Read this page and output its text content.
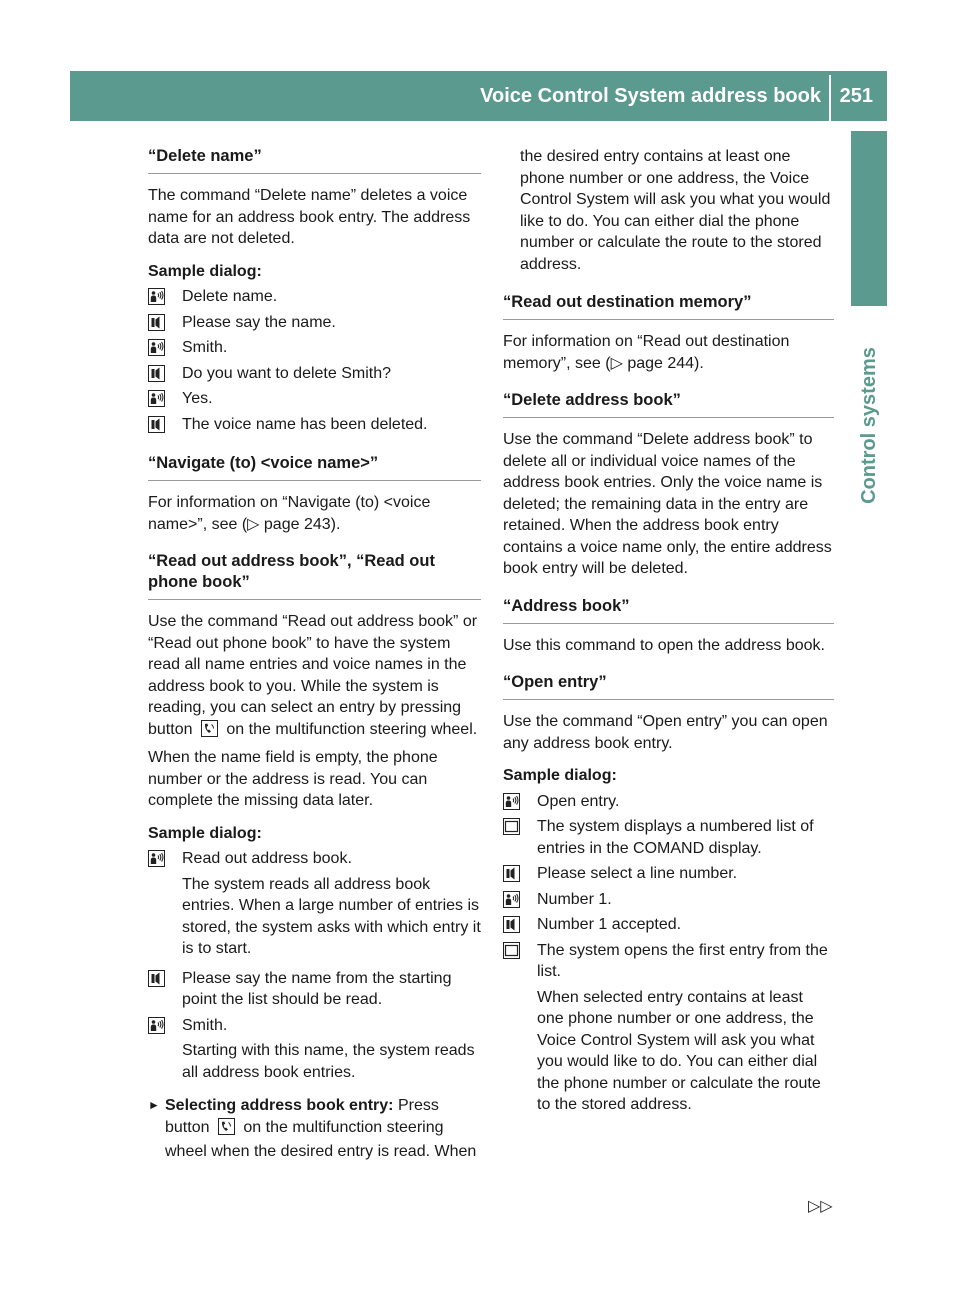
Voice Control System address book 251
Control systems
“Delete name”

The command “Delete name” deletes a voice name for an address book entry. The address data are not deleted.

Sample dialog:

Delete name.
Please say the name.
Smith.
Do you want to delete Smith?
Yes.
The voice name has been deleted.
“Navigate (to) <voice name>”

For information on “Navigate (to) <voice name>”, see (▷ page 243).

“Read out address book”, “Read out phone book”

Use the command “Read out address book” or “Read out phone book” to have the system read all name entries and voice names in the address book to you. While the system is reading, you can select an entry by pressing button on the multifunction steering wheel.

When the name field is empty, the phone number or the address is read. You can complete the missing data later.

Sample dialog:

Read out address book.

The system reads all address book entries. When a large number of entries is stored, the system asks with which entry it is to start.

Please say the name from the starting point the list should be read.

Smith.

Starting with this name, the system reads all address book entries.

► Selecting address book entry: Press button on the multifunction steering wheel when the desired entry is read. When

the desired entry contains at least one phone number or one address, the Voice Control System will ask you what you would like to do. You can either dial the phone number or calculate the route to the stored address.

“Read out destination memory”

For information on “Read out destination memory”, see (▷ page 244).

“Delete address book”

Use the command “Delete address book” to delete all or individual voice names of the address book entries. Only the voice name is deleted; the remaining data in the entry are retained. When the address book entry contains a voice name only, the entire address book entry will be deleted.

“Address book”

Use this command to open the address book.

“Open entry”

Use the command “Open entry” you can open any address book entry.

Sample dialog:

Open entry.
The system displays a numbered list of entries in the COMAND display.
Please select a line number.
Number 1.
Number 1 accepted.

The system opens the first entry from the list.

When selected entry contains at least one phone number or one address, the Voice Control System will ask you what you would like to do. You can either dial the phone number or calculate the route to the stored address.

▷▷
